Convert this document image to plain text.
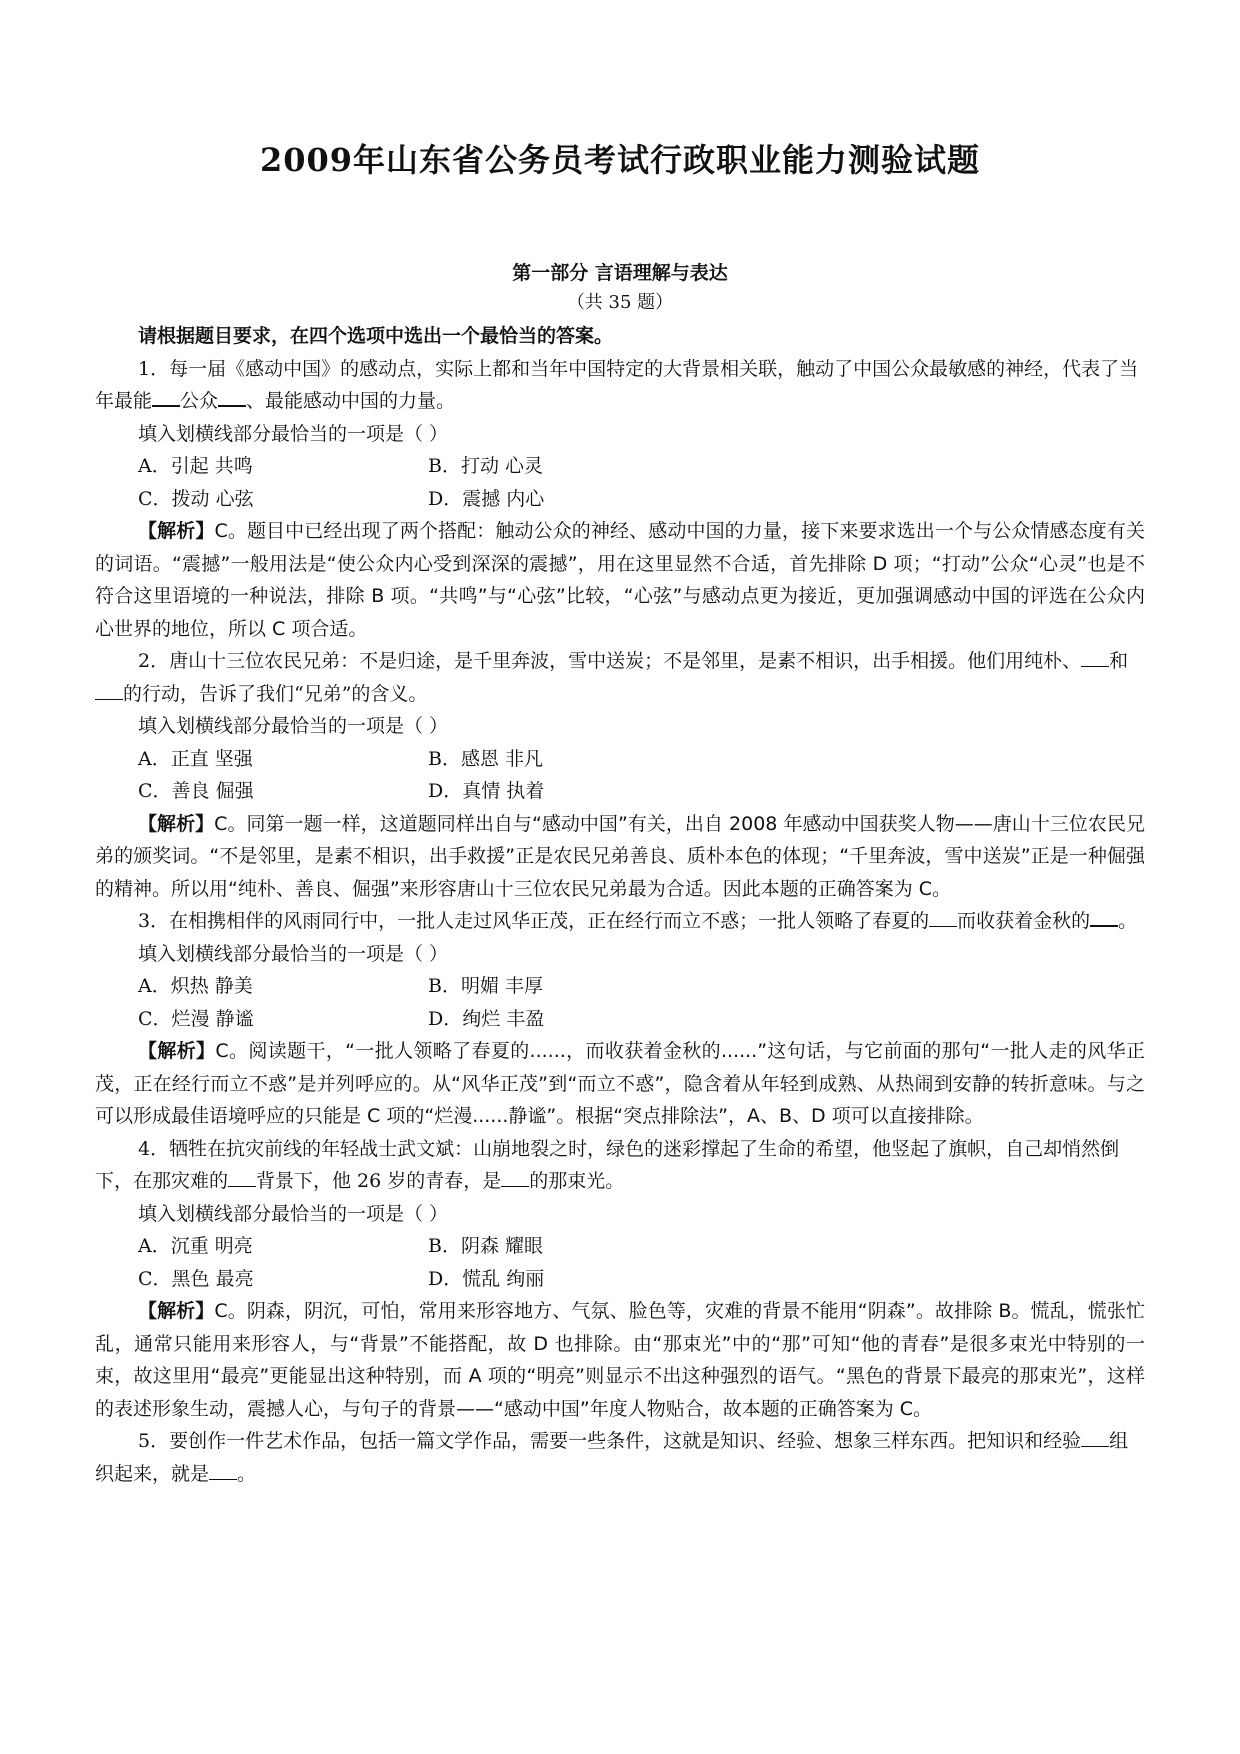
2009年山东省公务员考试行政职业能力测验试题
第一部分 言语理解与表达
（共 35 题）

请根据题目要求，在四个选项中选出一个最恰当的答案。

1．每一届《感动中国》的感动点，实际上都和当年中国特定的大背景相关联，触动了中国公众最敏感的神经，代表了当年最能 公众 、最能感动中国的力量。

填入划横线部分最恰当的一项是（ ）

A．引起 共鸣	B．打动 心灵
C．拨动 心弦	D．震撼 内心

【解析】C。题目中已经出现了两个搭配：触动公众的神经、感动中国的力量，接下来要求选出一个与公众情感态度有关的词语。“震撼”一般用法是“使公众内心受到深深的震撼”，用在这里显然不合适，首先排除 D 项；“打动”公众“心灵”也是不符合这里语境的一种说法，排除 B 项。“共鸣”与“心弦”比较，“心弦”与感动点更为接近，更加强调感动中国的评选在公众内心世界的地位，所以 C 项合适。

2．唐山十三位农民兄弟：不是归途，是千里奔波，雪中送炭；不是邻里，是素不相识，出手相援。他们用纯朴、 和的行动，告诉了我们“兄弟”的含义。

填入划横线部分最恰当的一项是（ ）

A．正直 坚强	B．感恩 非凡
C．善良 倔强	D．真情 执着

【解析】C。同第一题一样，这道题同样出自与“感动中国”有关，出自 2008 年感动中国获奖人物——唐山十三位农民兄弟的颁奖词。“不是邻里，是素不相识，出手救援”正是农民兄弟善良、质朴本色的体现；“千里奔波，雪中送炭”正是一种倔强的精神。所以用“纯朴、善良、倔强”来形容唐山十三位农民兄弟最为合适。因此本题的正确答案为 C。

3．在相携相伴的风雨同行中，一批人走过风华正茂，正在经行而立不惑；一批人领略了春夏的 而收获着金秋的 。

填入划横线部分最恰当的一项是（ ）

A．炽热 静美	B．明媚 丰厚
C．烂漫 静谧	D．绚烂 丰盈

【解析】C。阅读题干，“一批人领略了春夏的......，而收获着金秋的......”这句话，与它前面的那句“一批人走的风华正茂，正在经行而立不惑”是并列呼应的。从“风华正茂”到“而立不惑”，隐含着从年轻到成熟、从热闹到安静的转折意味。与之可以形成最佳语境呼应的只能是 C 项的“烂漫......静谧”。根据“突点排除法”，A、B、D 项可以直接排除。

4．牺牲在抗灾前线的年轻战士武文斌：山崩地裂之时，绿色的迷彩撑起了生命的希望，他竖起了旗帜，自己却悄然倒下，在那灾难的 背景下，他 26 岁的青春，是 的那束光。

填入划横线部分最恰当的一项是（ ）

A．沉重 明亮	B．阴森 耀眼
C．黑色 最亮	D．慌乱 绚丽

【解析】C。阴森，阴沉，可怕，常用来形容地方、气氛、脸色等，灾难的背景不能用“阴森”。故排除 B。慌乱，慌张忙乱，通常只能用来形容人，与“背景”不能搭配，故 D 也排除。由“那束光”中的“那”可知“他的青春”是很多束光中特别的一束，故这里用“最亮”更能显出这种特别，而 A 项的“明亮”则显示不出这种强烈的语气。“黑色的背景下最亮的那束光”，这样的表述形象生动，震撼人心，与句子的背景——“感动中国”年度人物贴合，故本题的正确答案为 C。

5．要创作一件艺术作品，包括一篇文学作品，需要一些条件，这就是知识、经验、想象三样东西。把知识和经验 组织起来，就是 。
